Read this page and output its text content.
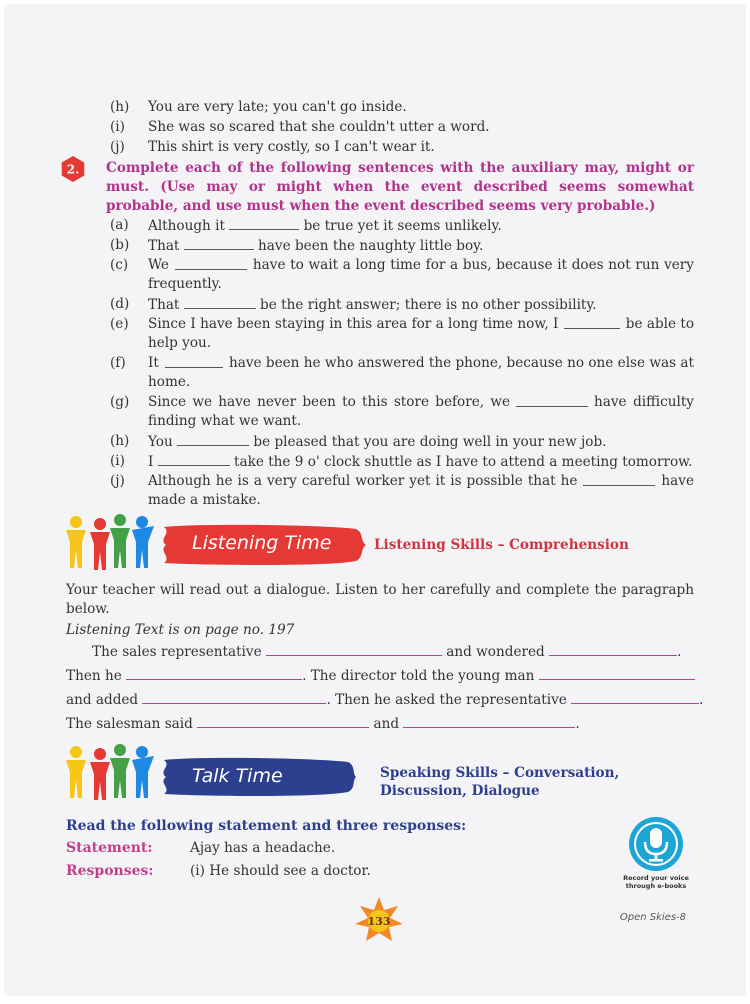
(h) You are very late; you can't go inside.
(i) She was so scared that she couldn't utter a word.
(j) This shirt is very costly, so I can't wear it.
2. Complete each of the following sentences with the auxiliary may, might or must. (Use may or might when the event described seems somewhat probable, and use must when the event described seems very probable.)
(a) Although it	be true yet it seems unlikely.
(b) That	have been the naughty little boy.
(c) We	have to wait a long time for a bus, because it does not run very
frequently.
(d) That	be the right answer; there is no other possibility.
(e) Since I have been staying in this area for a long time now, I	be able to
help you.
(f) It	have been he who answered the phone, because no one else was at
home.
(g) Since we have never been to this store before, we	have difficulty
finding what we want.
(h) You	be pleased that you are doing well in your new job.
(i) I	take the 9 o' clock shuttle as I have to attend a meeting tomorrow.
(j) Although he is a very careful worker yet it is possible that he	have
made a mistake.
Listening Time	Listening Skills – Comprehension
Your teacher will read out a dialogue. Listen to her carefully and complete the paragraph below.
Listening Text is on page no. 197
The sales representative	and wondered	.
Then he	. The director told the young man
and added	. Then he asked the representative	.
The salesman said	and	.
Talk Time	Speaking Skills – Conversation,
Discussion, Dialogue
Read the following statement and three responses:
Statement:	Ajay has a headache.
Responses:	(i) He should see a doctor.	Record your voice
through e-books
133	Open Skies-8
